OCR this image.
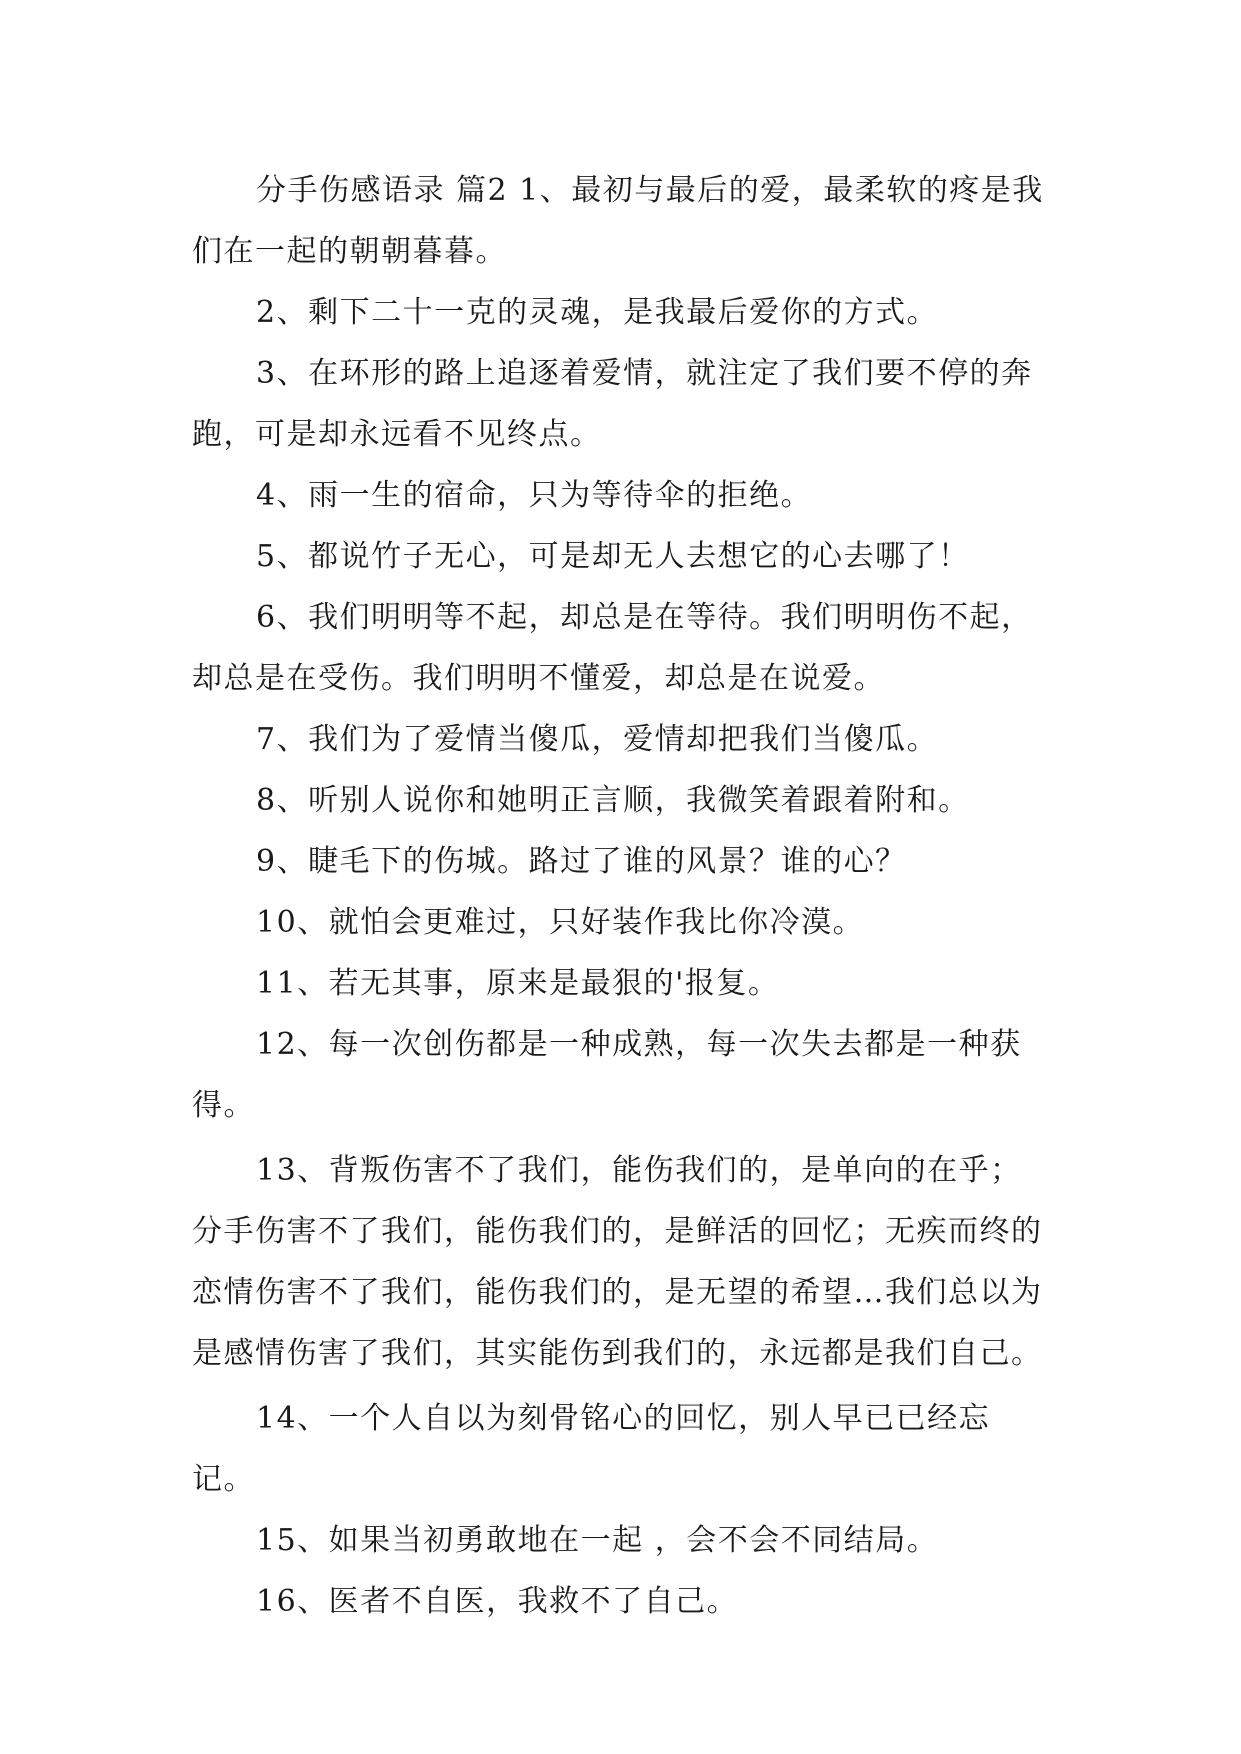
分手伤感语录 篇2 1、最初与最后的爱，最柔软的疼是我们在一起的朝朝暮暮。

2、剩下二十一克的灵魂，是我最后爱你的方式。

3、在环形的路上追逐着爱情，就注定了我们要不停的奔跑，可是却永远看不见终点。

4、雨一生的宿命，只为等待伞的拒绝。

5、都说竹子无心，可是却无人去想它的心去哪了！

6、我们明明等不起，却总是在等待。我们明明伤不起，却总是在受伤。我们明明不懂爱，却总是在说爱。

7、我们为了爱情当傻瓜，爱情却把我们当傻瓜。

8、听别人说你和她明正言顺，我微笑着跟着附和。

9、睫毛下的伤城。路过了谁的风景？谁的心？

10、就怕会更难过，只好装作我比你冷漠。

11、若无其事，原来是最狠的'报复。

12、每一次创伤都是一种成熟，每一次失去都是一种获得。

13、背叛伤害不了我们，能伤我们的，是单向的在乎；分手伤害不了我们，能伤我们的，是鲜活的回忆；无疾而终的恋情伤害不了我们，能伤我们的，是无望的希望…我们总以为是感情伤害了我们，其实能伤到我们的，永远都是我们自己。

14、一个人自以为刻骨铭心的回忆，别人早已已经忘记。

15、如果当初勇敢地在一起 ，会不会不同结局。

16、医者不自医，我救不了自己。
